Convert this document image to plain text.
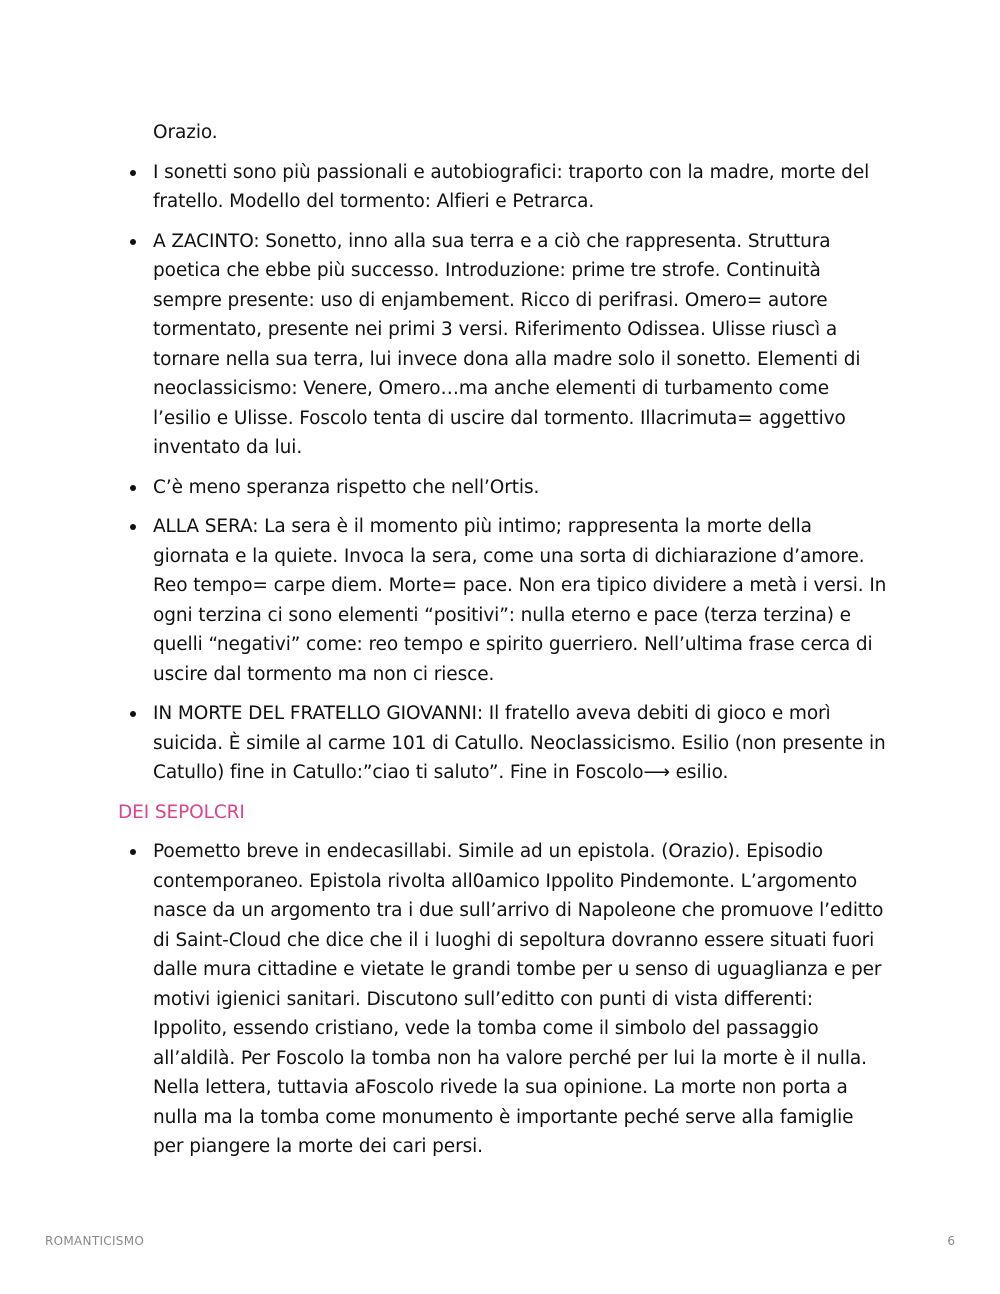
Orazio.

I sonetti sono più passionali e autobiografici: traporto con la madre, morte del fratello. Modello del tormento: Alfieri e Petrarca.
A ZACINTO: Sonetto, inno alla sua terra e a ciò che rappresenta. Struttura poetica che ebbe più successo. Introduzione: prime tre strofe. Continuità sempre presente: uso di enjambement. Ricco di perifrasi. Omero= autore tormentato, presente nei primi 3 versi. Riferimento Odissea. Ulisse riuscì a tornare nella sua terra, lui invece dona alla madre solo il sonetto. Elementi di neoclassicismo: Venere, Omero…ma anche elementi di turbamento come l’esilio e Ulisse. Foscolo tenta di uscire dal tormento. Illacrimuta= aggettivo inventato da lui.
C’è meno speranza rispetto che nell’Ortis.
ALLA SERA: La sera è il momento più intimo; rappresenta la morte della giornata e la quiete. Invoca la sera, come una sorta di dichiarazione d’amore. Reo tempo= carpe diem. Morte= pace. Non era tipico dividere a metà i versi. In ogni terzina ci sono elementi “positivi”: nulla eterno e pace (terza terzina) e quelli “negativi” come: reo tempo e spirito guerriero. Nell’ultima frase cerca di uscire dal tormento ma non ci riesce.
IN MORTE DEL FRATELLO GIOVANNI: Il fratello aveva debiti di gioco e morì suicida. È simile al carme 101 di Catullo. Neoclassicismo. Esilio (non presente in Catullo) fine in Catullo:”ciao ti saluto”. Fine in Foscolo⟶ esilio.
DEI SEPOLCRI
Poemetto breve in endecasillabi. Simile ad un epistola. (Orazio). Episodio contemporaneo. Epistola rivolta all0amico Ippolito Pindemonte. L’argomento nasce da un argomento tra i due sull’arrivo di Napoleone che promuove l’editto di Saint-Cloud che dice che il i luoghi di sepoltura dovranno essere situati fuori dalle mura cittadine e vietate le grandi tombe per u senso di uguaglianza e per motivi igienici sanitari. Discutono sull’editto con punti di vista differenti: Ippolito, essendo cristiano, vede la tomba come il simbolo del passaggio all’aldilà. Per Foscolo la tomba non ha valore perché per lui la morte è il nulla. Nella lettera, tuttavia aFoscolo rivede la sua opinione. La morte non porta a nulla ma la tomba come monumento è importante peché serve alla famiglie per piangere la morte dei cari persi.
ROMANTICISMO	6
